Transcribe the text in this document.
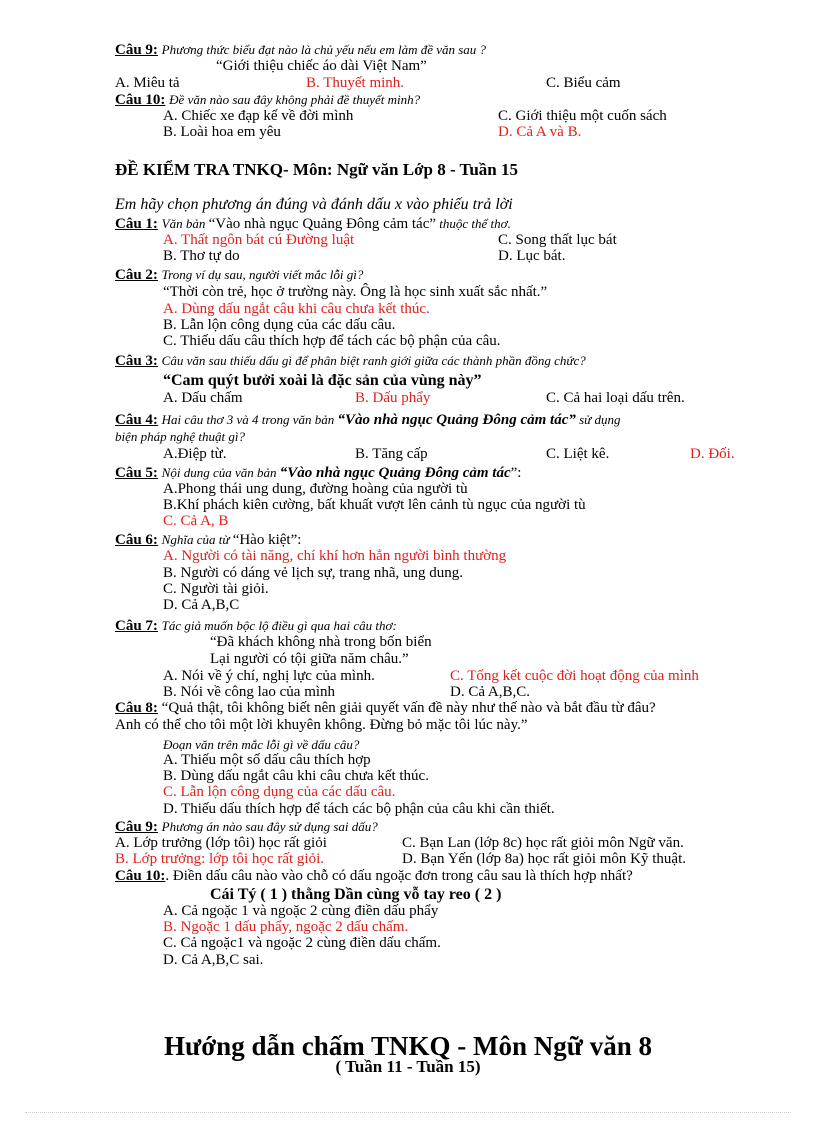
Câu 9: Phương thức biểu đạt nào là chủ yếu nếu em làm đề văn sau ?
“Giới thiệu chiếc áo dài Việt Nam”
A. Miêu tả	B. Thuyết minh.	C. Biểu cảm
Câu 10: Đề văn nào sau đây không phải đề thuyết minh?
A. Chiếc xe đạp kể về đời mình	C. Giới thiệu một cuốn sách
B. Loài hoa em yêu	D. Cả A và B.
ĐỀ KIỂM TRA TNKQ- Môn: Ngữ văn Lớp 8 - Tuần 15
Em hãy chọn phương án đúng và đánh dấu x vào phiếu trả lời
Câu 1: Văn bản “Vào nhà ngục Quảng Đông cảm tác” thuộc thể thơ.
A. Thất ngôn bát cú Đường luật	C. Song thất lục bát
B. Thơ tự do	D. Lục bát.
Câu 2: Trong ví dụ sau, người viết mắc lỗi gì?
“Thời còn trẻ, học ở trường này. Ông là học sinh xuất sắc nhất.”
A. Dùng dấu ngắt câu khi câu chưa kết thúc.
B. Lẫn lộn công dụng của các dấu câu.
C. Thiếu dấu câu thích hợp để tách các bộ phận của câu.
Câu 3: Câu văn sau thiếu dấu gì để phân biệt ranh giới giữa các thành phần đồng chức?
“Cam quýt bưởi xoài là đặc sản của vùng này”
A. Dấu chấm	B. Dấu phẩy	C. Cả hai loại dấu trên.
Câu 4: Hai câu thơ 3 và 4 trong văn bản “Vào nhà ngục Quảng Đông cảm tác” sử dụng
biện pháp nghệ thuật gì?
A.Điệp từ.	B. Tăng cấp	C. Liệt kê.	D. Đối.
Câu 5: Nội dung của văn bản “Vào nhà ngục Quảng Đông cảm tác”:
A.Phong thái ung dung, đường hoàng của người tù
B.Khí phách kiên cường, bất khuất vượt lên cảnh tù ngục của người tù
C. Cả A, B
Câu 6: Nghĩa của từ “Hào kiệt”:
A. Người có tài năng, chí khí hơn hẳn người bình thường
B. Người có dáng vẻ lịch sự, trang nhã, ung dung.
C. Người tài giỏi.
D. Cả A,B,C
Câu 7: Tác giả muốn bộc lộ điều gì qua hai câu thơ:
“Đã khách không nhà trong bốn biển
Lại người có tội giữa năm châu.”
A. Nói về ý chí, nghị lực của mình.	C. Tổng kết cuộc đời hoạt động của mình
B. Nói về công lao của mình	D. Cả A,B,C.
Câu 8: “Quả thật, tôi không biết nên giải quyết vấn đề này như thế nào và bắt đầu từ đâu?
Anh có thể cho tôi một lời khuyên không. Đừng bỏ mặc tôi lúc này.”
Đoạn văn trên mắc lỗi gì về dấu câu?
A. Thiếu một số dấu câu thích hợp
B. Dùng dấu ngắt câu khi câu chưa kết thúc.
C. Lẫn lộn công dụng của các dấu câu.
D. Thiếu dấu thích hợp để tách các bộ phận của câu khi cần thiết.
Câu 9: Phương án nào sau đây sử dụng sai dấu?
A. Lớp trưởng (lớp tôi) học rất giỏi	C. Bạn Lan (lớp 8c) học rất giỏi môn Ngữ văn.
B. Lớp trưởng: lớp tôi học rất giỏi.	D. Bạn Yến (lớp 8a) học rất giỏi môn Kỹ thuật.
Câu 10:. Điền dấu câu nào vào chỗ có dấu ngoặc đơn trong câu sau là thích hợp nhất?
Cái Tý ( 1 ) thằng Dần cùng vỗ tay reo ( 2 )
A. Cả ngoặc 1 và ngoặc 2 cùng điền dấu phẩy
B. Ngoặc 1 dấu phẩy, ngoặc 2 dấu chấm.
C. Cả ngoặc1 và ngoặc 2 cùng điền dấu chấm.
D. Cả A,B,C sai.
Hướng dẫn chấm TNKQ - Môn Ngữ văn 8
( Tuần 11 - Tuần 15)
